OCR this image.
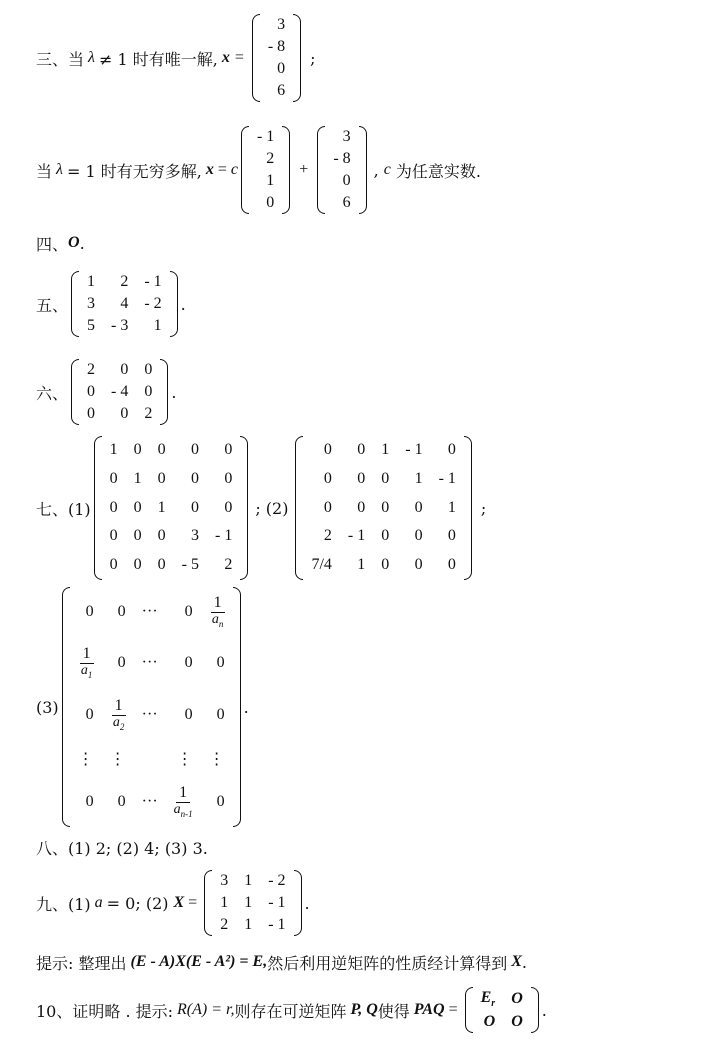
三、当 λ ≠ 1 时有唯一解, x =
3
- 8
0
6
;
当 λ = 1 时有无穷多解, x = c
- 1
2
1
0
+
3
- 8
0
6
, c 为任意实数.
四、 O .
五、
1	2	- 1
3	4	- 2
5	- 3	1
.
六、
2	0	0
0	- 4	0
0	0	2
.
七、(1)
1	0	0	0	0
0	1	0	0	0
0	0	1	0	0
0	0	0	3	- 1
0	0	0	- 5	2
; (2)
0	0	1	- 1	0
0	0	0	1	- 1
0	0	0	0	1
2	- 1	0	0	0
7/4	1	0	0	0
;
(3)
0	0	···	0	$\frac{1}{a_n}$

$\frac{1}{a_1}$	0	···	0	0
0	$\frac{1}{a_2}$	···	0	0
⋮	⋮		⋮	⋮
0	0	···	$\frac{1}{a_{n-1}}$	0
.
八、(1) 2; (2) 4; (3) 3.
九、(1) a = 0; (2) X =
3	1	- 2
1	1	- 1
2	1	- 1
.
提示: 整理出 (E - A)X(E - A²) = E, 然后利用逆矩阵的性质经计算得到 X .
10、证明略 . 提示: R(A) = r, 则存在可逆矩阵 P, Q 使得 PAQ =
$E_r$	O
O	O
.
